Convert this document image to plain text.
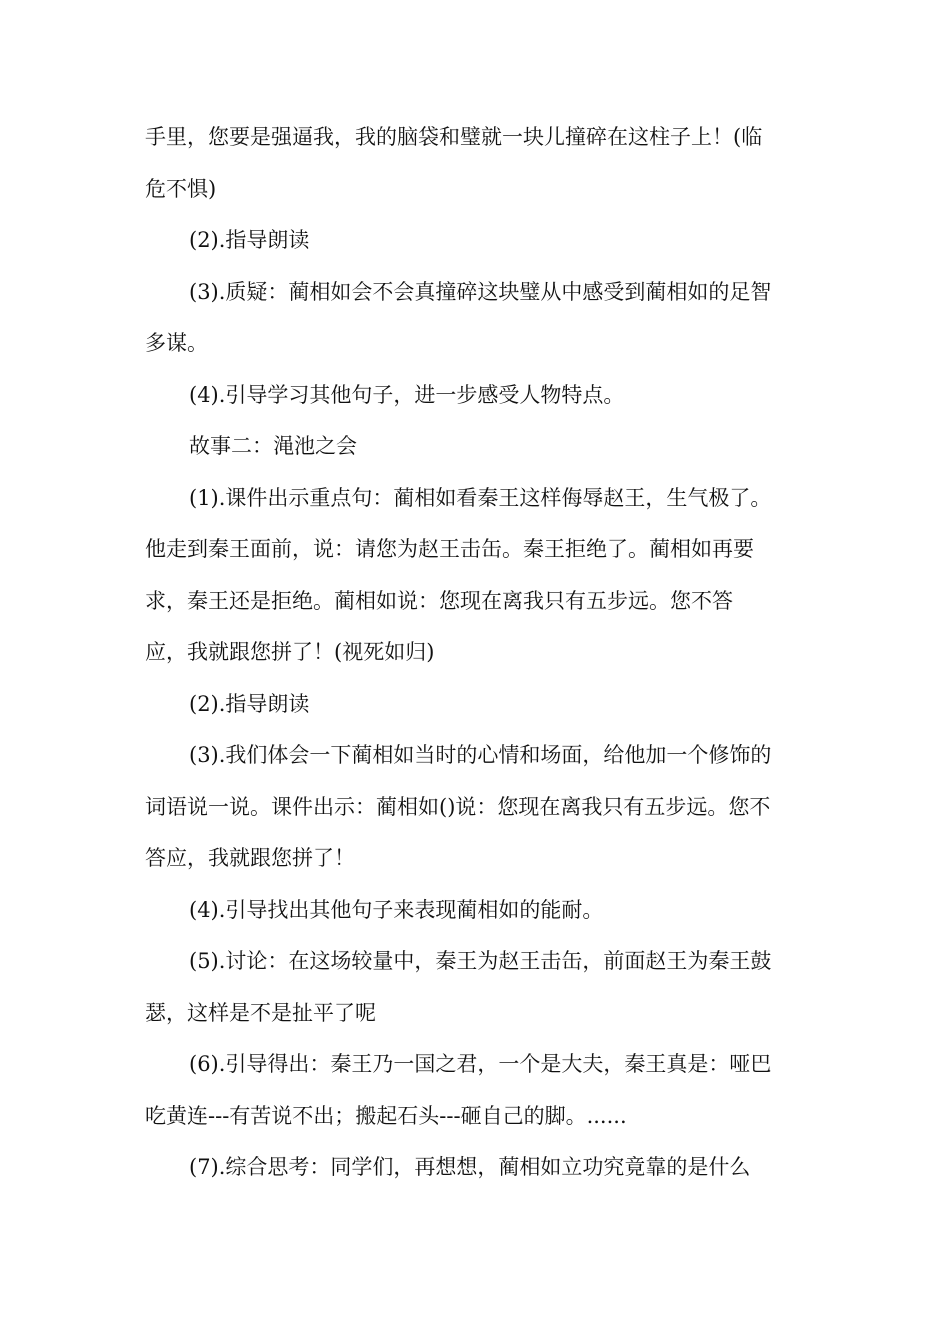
手里，您要是强逼我，我的脑袋和璧就一块儿撞碎在这柱子上！(临
危不惧)
(2).指导朗读
(3).质疑：蔺相如会不会真撞碎这块璧从中感受到蔺相如的足智
多谋。
(4).引导学习其他句子，进一步感受人物特点。
故事二：渑池之会
(1).课件出示重点句：蔺相如看秦王这样侮辱赵王，生气极了。
他走到秦王面前，说：请您为赵王击缶。秦王拒绝了。蔺相如再要
求，秦王还是拒绝。蔺相如说：您现在离我只有五步远。您不答
应，我就跟您拼了！(视死如归)
(2).指导朗读
(3).我们体会一下蔺相如当时的心情和场面，给他加一个修饰的
词语说一说。课件出示：蔺相如()说：您现在离我只有五步远。您不
答应，我就跟您拼了！
(4).引导找出其他句子来表现蔺相如的能耐。
(5).讨论：在这场较量中，秦王为赵王击缶，前面赵王为秦王鼓
瑟，这样是不是扯平了呢
(6).引导得出：秦王乃一国之君，一个是大夫，秦王真是：哑巴
吃黄连---有苦说不出；搬起石头---砸自己的脚。......
(7).综合思考：同学们，再想想，蔺相如立功究竟靠的是什么
